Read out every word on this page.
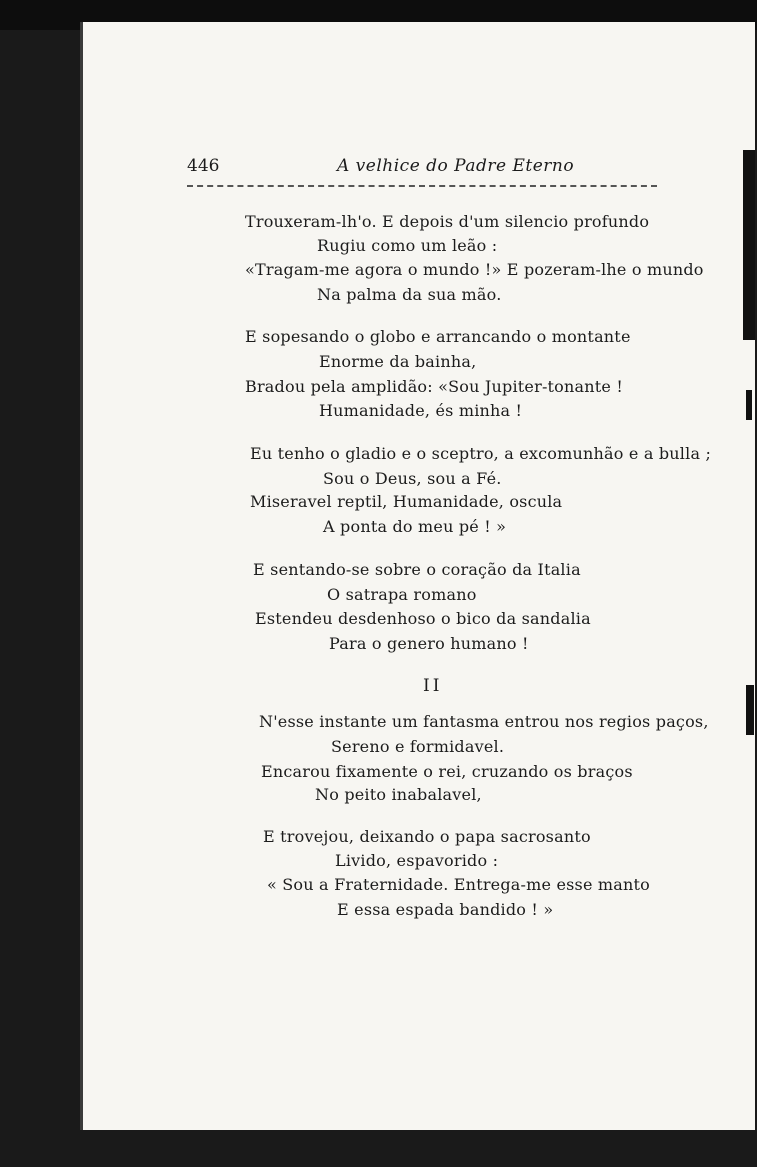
446	A velhice do Padre Eterno
Trouxeram-lh'o. E depois d'um silencio profundo
Rugiu como um leão :
«Tragam-me agora o mundo !» E pozeram-lhe o mundo
Na palma da sua mão.
E sopesando o globo e arrancando o montante
Enorme da bainha,
Bradou pela amplidão: «Sou Jupiter-tonante !
Humanidade, és minha !
Eu tenho o gladio e o sceptro, a excomunhão e a bulla ;
Sou o Deus, sou a Fé.
Miseravel reptil, Humanidade, oscula
A ponta do meu pé ! »
E sentando-se sobre o coração da Italia
O satrapa romano
Estendeu desdenhoso o bico da sandalia
Para o genero humano !
II
N'esse instante um fantasma entrou nos regios paços,
Sereno e formidavel.
Encarou fixamente o rei, cruzando os braços
No peito inabalavel,
E trovejou, deixando o papa sacrosanto
Livido, espavorido :
« Sou a Fraternidade. Entrega-me esse manto
E essa espada bandido ! »
